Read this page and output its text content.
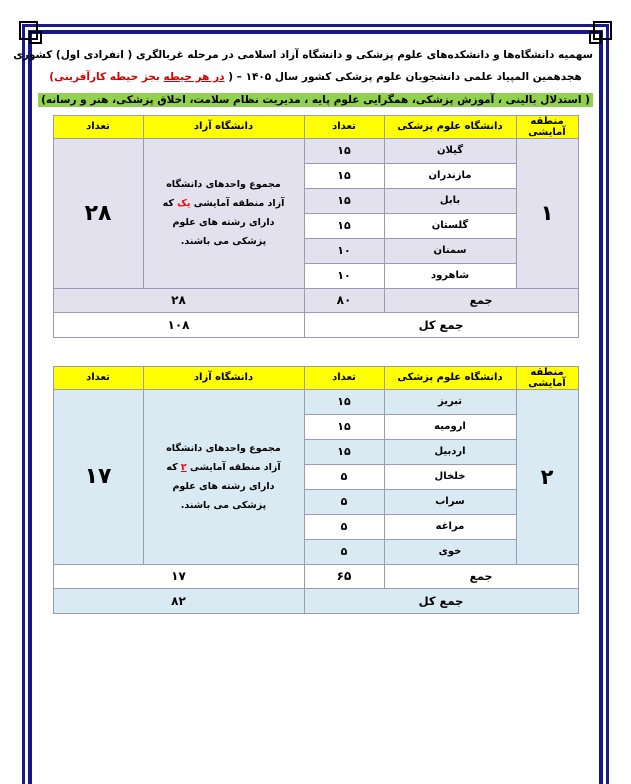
سهمیه دانشگاه‌ها و دانشکده‌های علوم پزشکی و دانشگاه آزاد اسلامی در مرحله غربالگری ( انفرادی اول) کشوری
هجدهمین المپیاد علمی دانشجویان علوم پزشکی کشور سال ۱۴۰۵ – ( در هر حیطه بجز حیطه کارآفرینی)
( استدلال بالینی ، آموزش پزشکی، همگرایی علوم پایه ، مدیریت نظام سلامت، اخلاق پزشکی، هنر و رسانه)
منطقه آمایشی	دانشگاه علوم پزشکی	تعداد	دانشگاه آزاد	تعداد
۱	گیلان	۱۵	مجموع واحدهای دانشگاه آزاد منطقه آمایشی یک که دارای رشته های علوم پزشکی می باشند.	۲۸
	مازندران	۱۵		
	بابل	۱۵		
	گلستان	۱۵		
	سمنان	۱۰		
	شاهرود	۱۰		
جمع		۸۰	۲۸	
جمع کل			۱۰۸	
منطقه آمایشی	دانشگاه علوم پزشکی	تعداد	دانشگاه آزاد	تعداد
۲	تبریز	۱۵	مجموع واحدهای دانشگاه آزاد منطقه آمایشی ۲ که دارای رشته های علوم پزشکی می باشند.	۱۷
	ارومیه	۱۵		
	اردبیل	۱۵		
	خلخال	۵		
	سراب	۵		
	مراغه	۵		
	خوی	۵		
جمع		۶۵	۱۷	
جمع کل			۸۲	
